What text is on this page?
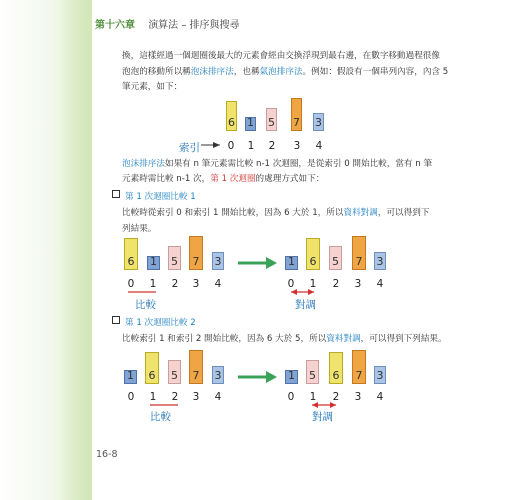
第十六章 演算法 – 排序與搜尋
換，這樣經過一個迴圈後最大的元素會經由交換浮現到最右邊，在數字移動過程很像
泡泡的移動所以稱泡沫排序法，也稱氣泡排序法。例如：假設有一個串列內容，內含 5
筆元素，如下：
6 1 5 7 3
索引	0 1 2 3 4
泡沫排序法如果有 n 筆元素需比較 n-1 次迴圈，是從索引 0 開始比較，當有 n 筆
元素時需比較 n-1 次，第 1 次迴圈的處理方式如下：
第 1 次迴圈比較 1
比較時從索引 0 和索引 1 開始比較，因為 6 大於 1，所以資料對調，可以得到下
列結果。
6	1 5	7	3
0 1 2 3 4
比較
1	6	5	7	3
0 1 2 3 4
對調
第 1 次迴圈比較 2
比較索引 1 和索引 2 開始比較，因為 6 大於 5，所以資料對調，可以得到下列結果。
1	6	5	7	3
0 1 2 3 4
比較
1 5	6	7	3
0 1 2 3 4
對調
16-8
